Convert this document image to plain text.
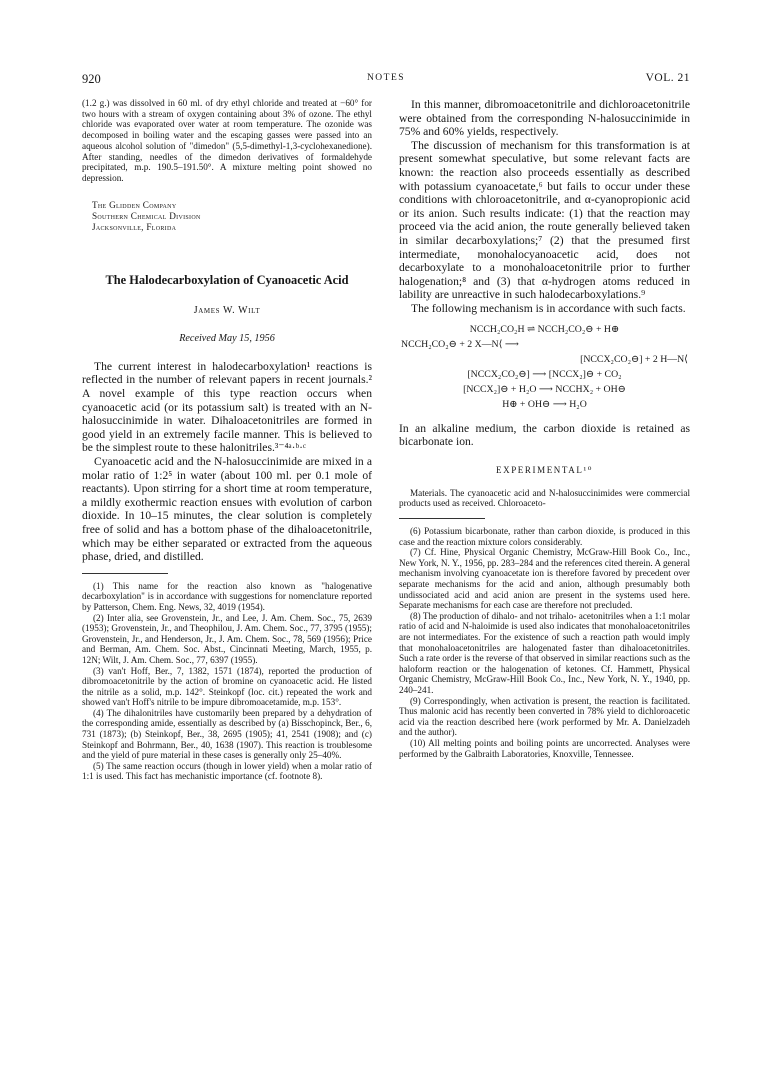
920	NOTES	VOL. 21

(1.2 g.) was dissolved in 60 ml. of dry ethyl chloride and treated at −60° for two hours with a stream of oxygen containing about 3% of ozone. The ethyl chloride was evaporated over water at room temperature. The ozonide was decomposed in boiling water and the escaping gasses were passed into an aqueous alcohol solution of "dimedon" (5,5-dimethyl-1,3-cyclohexanedione). After standing, needles of the dimedon derivatives of formaldehyde precipitated, m.p. 190.5–191.50°. A mixture melting point showed no depression.

The Glidden Company
Southern Chemical Division
Jacksonville, Florida
The Halodecarboxylation of Cyanoacetic Acid
James W. Wilt
Received May 15, 1956

The current interest in halodecarboxylation¹ reactions is reflected in the number of relevant papers in recent journals.² A novel example of this type reaction occurs when cyanoacetic acid (or its potassium salt) is treated with an N-halosuccinimide in water. Dihaloacetonitriles are formed in good yield in an extremely facile manner. This is believed to be the simplest route to these halonitriles.³⁻⁴ᵃ·ᵇ·ᶜ

Cyanoacetic acid and the N-halosuccinimide are mixed in a molar ratio of 1:2⁵ in water (about 100 ml. per 0.1 mole of reactants). Upon stirring for a short time at room temperature, a mildly exothermic reaction ensues with evolution of carbon dioxide. In 10–15 minutes, the clear solution is completely free of solid and has a bottom phase of the dihaloacetonitrile, which may be either separated or extracted from the aqueous phase, dried, and distilled.

(1) This name for the reaction also known as "halogenative decarboxylation" is in accordance with suggestions for nomenclature reported by Patterson, Chem. Eng. News, 32, 4019 (1954).

(2) Inter alia, see Grovenstein, Jr., and Lee, J. Am. Chem. Soc., 75, 2639 (1953); Grovenstein, Jr., and Theophilou, J. Am. Chem. Soc., 77, 3795 (1955); Grovenstein, Jr., and Henderson, Jr., J. Am. Chem. Soc., 78, 569 (1956); Price and Berman, Am. Chem. Soc. Abst., Cincinnati Meeting, March, 1955, p. 12N; Wilt, J. Am. Chem. Soc., 77, 6397 (1955).

(3) van't Hoff, Ber., 7, 1382, 1571 (1874), reported the production of dibromoacetonitrile by the action of bromine on cyanoacetic acid. He listed the nitrile as a solid, m.p. 142°. Steinkopf (loc. cit.) repeated the work and showed van't Hoff's nitrile to be impure dibromoacetamide, m.p. 153°.

(4) The dihalonitriles have customarily been prepared by a dehydration of the corresponding amide, essentially as described by (a) Bisschopinck, Ber., 6, 731 (1873); (b) Steinkopf, Ber., 38, 2695 (1905); 41, 2541 (1908); and (c) Steinkopf and Bohrmann, Ber., 40, 1638 (1907). This reaction is troublesome and the yield of pure material in these cases is generally only 25–40%.

(5) The same reaction occurs (though in lower yield) when a molar ratio of 1:1 is used. This fact has mechanistic importance (cf. footnote 8).

In this manner, dibromoacetonitrile and dichloroacetonitrile were obtained from the corresponding N-halosuccinimide in 75% and 60% yields, respectively.

The discussion of mechanism for this transformation is at present somewhat speculative, but some relevant facts are known: the reaction also proceeds essentially as described with potassium cyanoacetate,⁶ but fails to occur under these conditions with chloroacetonitrile, and α-cyanopropionic acid or its anion. Such results indicate: (1) that the reaction may proceed via the acid anion, the route generally believed taken in similar decarboxylations;⁷ (2) that the presumed first intermediate, monohalocyanoacetic acid, does not decarboxylate to a monohaloacetonitrile prior to further halogenation;⁸ and (3) that α-hydrogen atoms reduced in lability are unreactive in such halodecarboxylations.⁹

The following mechanism is in accordance with such facts.

NCCH₂CO₂H ⇌ NCCH₂CO₂⊖ + H⊕
NCCH₂CO₂⊖ + 2 X—N⟨ ⟶
[NCCX₂CO₂⊖] + 2 H—N⟨
[NCCX₂CO₂⊖] ⟶ [NCCX₂]⊖ + CO₂
[NCCX₂]⊖ + H₂O ⟶ NCCHX₂ + OH⊖
H⊕ + OH⊖ ⟶ H₂O

In an alkaline medium, the carbon dioxide is retained as bicarbonate ion.

EXPERIMENTAL¹⁰

Materials. The cyanoacetic acid and N-halosuccinimides were commercial products used as received. Chloroaceto-

(6) Potassium bicarbonate, rather than carbon dioxide, is produced in this case and the reaction mixture colors considerably.

(7) Cf. Hine, Physical Organic Chemistry, McGraw-Hill Book Co., Inc., New York, N. Y., 1956, pp. 283–284 and the references cited therein. A general mechanism involving cyanoacetate ion is therefore favored by precedent over separate mechanisms for the acid and anion, although presumably both undissociated acid and acid anion are present in the systems used here. Separate mechanisms for each case are therefore not precluded.

(8) The production of dihalo- and not trihalo- acetonitriles when a 1:1 molar ratio of acid and N-haloimide is used also indicates that monohaloacetonitriles are not intermediates. For the existence of such a reaction path would imply that monohaloacetonitriles are halogenated faster than dihaloacetonitriles. Such a rate order is the reverse of that observed in similar reactions such as the haloform reaction or the halogenation of ketones. Cf. Hammett, Physical Organic Chemistry, McGraw-Hill Book Co., Inc., New York, N. Y., 1940, pp. 240–241.

(9) Correspondingly, when activation is present, the reaction is facilitated. Thus malonic acid has recently been converted in 78% yield to dichloroacetic acid via the reaction described here (work performed by Mr. A. Danielzadeh and the author).

(10) All melting points and boiling points are uncorrected. Analyses were performed by the Galbraith Laboratories, Knoxville, Tennessee.
